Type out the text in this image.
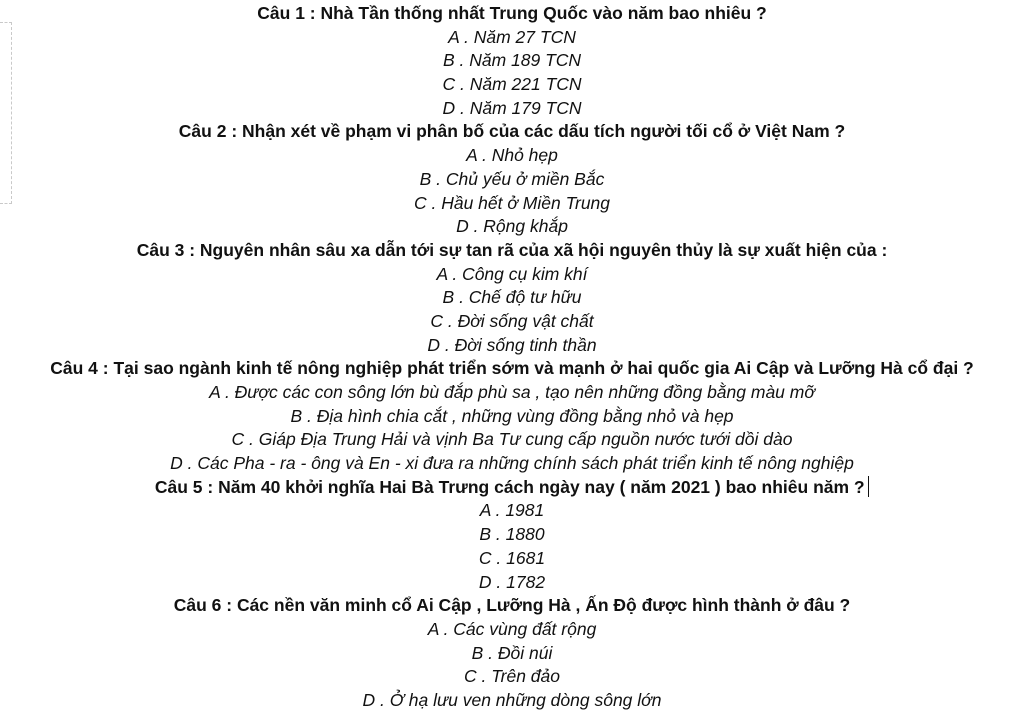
Câu 1 : Nhà Tần thống nhất Trung Quốc vào năm bao nhiêu ?
A . Năm 27 TCN
B . Năm 189 TCN
C . Năm 221 TCN
D . Năm 179 TCN
Câu 2 : Nhận xét về phạm vi phân bố của các dấu tích người tối cổ ở Việt Nam ?
A . Nhỏ hẹp
B . Chủ yếu ở miền Bắc
C . Hầu hết ở Miền Trung
D . Rộng khắp
Câu 3 : Nguyên nhân sâu xa dẫn tới sự tan rã của xã hội nguyên thủy là sự xuất hiện của :
A . Công cụ kim khí
B . Chế độ tư hữu
C . Đời sống vật chất
D . Đời sống tinh thần
Câu 4 : Tại sao ngành kinh tế nông nghiệp phát triển sớm và mạnh ở hai quốc gia Ai Cập và Lưỡng Hà cổ đại ?
A . Được các con sông lớn bù đắp phù sa , tạo nên những đồng bằng màu mỡ
B . Địa hình chia cắt , những vùng đồng bằng nhỏ và hẹp
C . Giáp Địa Trung Hải và vịnh Ba Tư cung cấp nguồn nước tưới dồi dào
D . Các Pha - ra - ông và En - xi đưa ra những chính sách phát triển kinh tế nông nghiệp
Câu 5 : Năm 40 khởi nghĩa Hai Bà Trưng cách ngày nay ( năm 2021 ) bao nhiêu năm ?
A . 1981
B . 1880
C . 1681
D . 1782
Câu 6 : Các nền văn minh cổ Ai Cập , Lưỡng Hà , Ấn Độ được hình thành ở đâu ?
A . Các vùng đất rộng
B . Đồi núi
C . Trên đảo
D . Ở hạ lưu ven những dòng sông lớn
